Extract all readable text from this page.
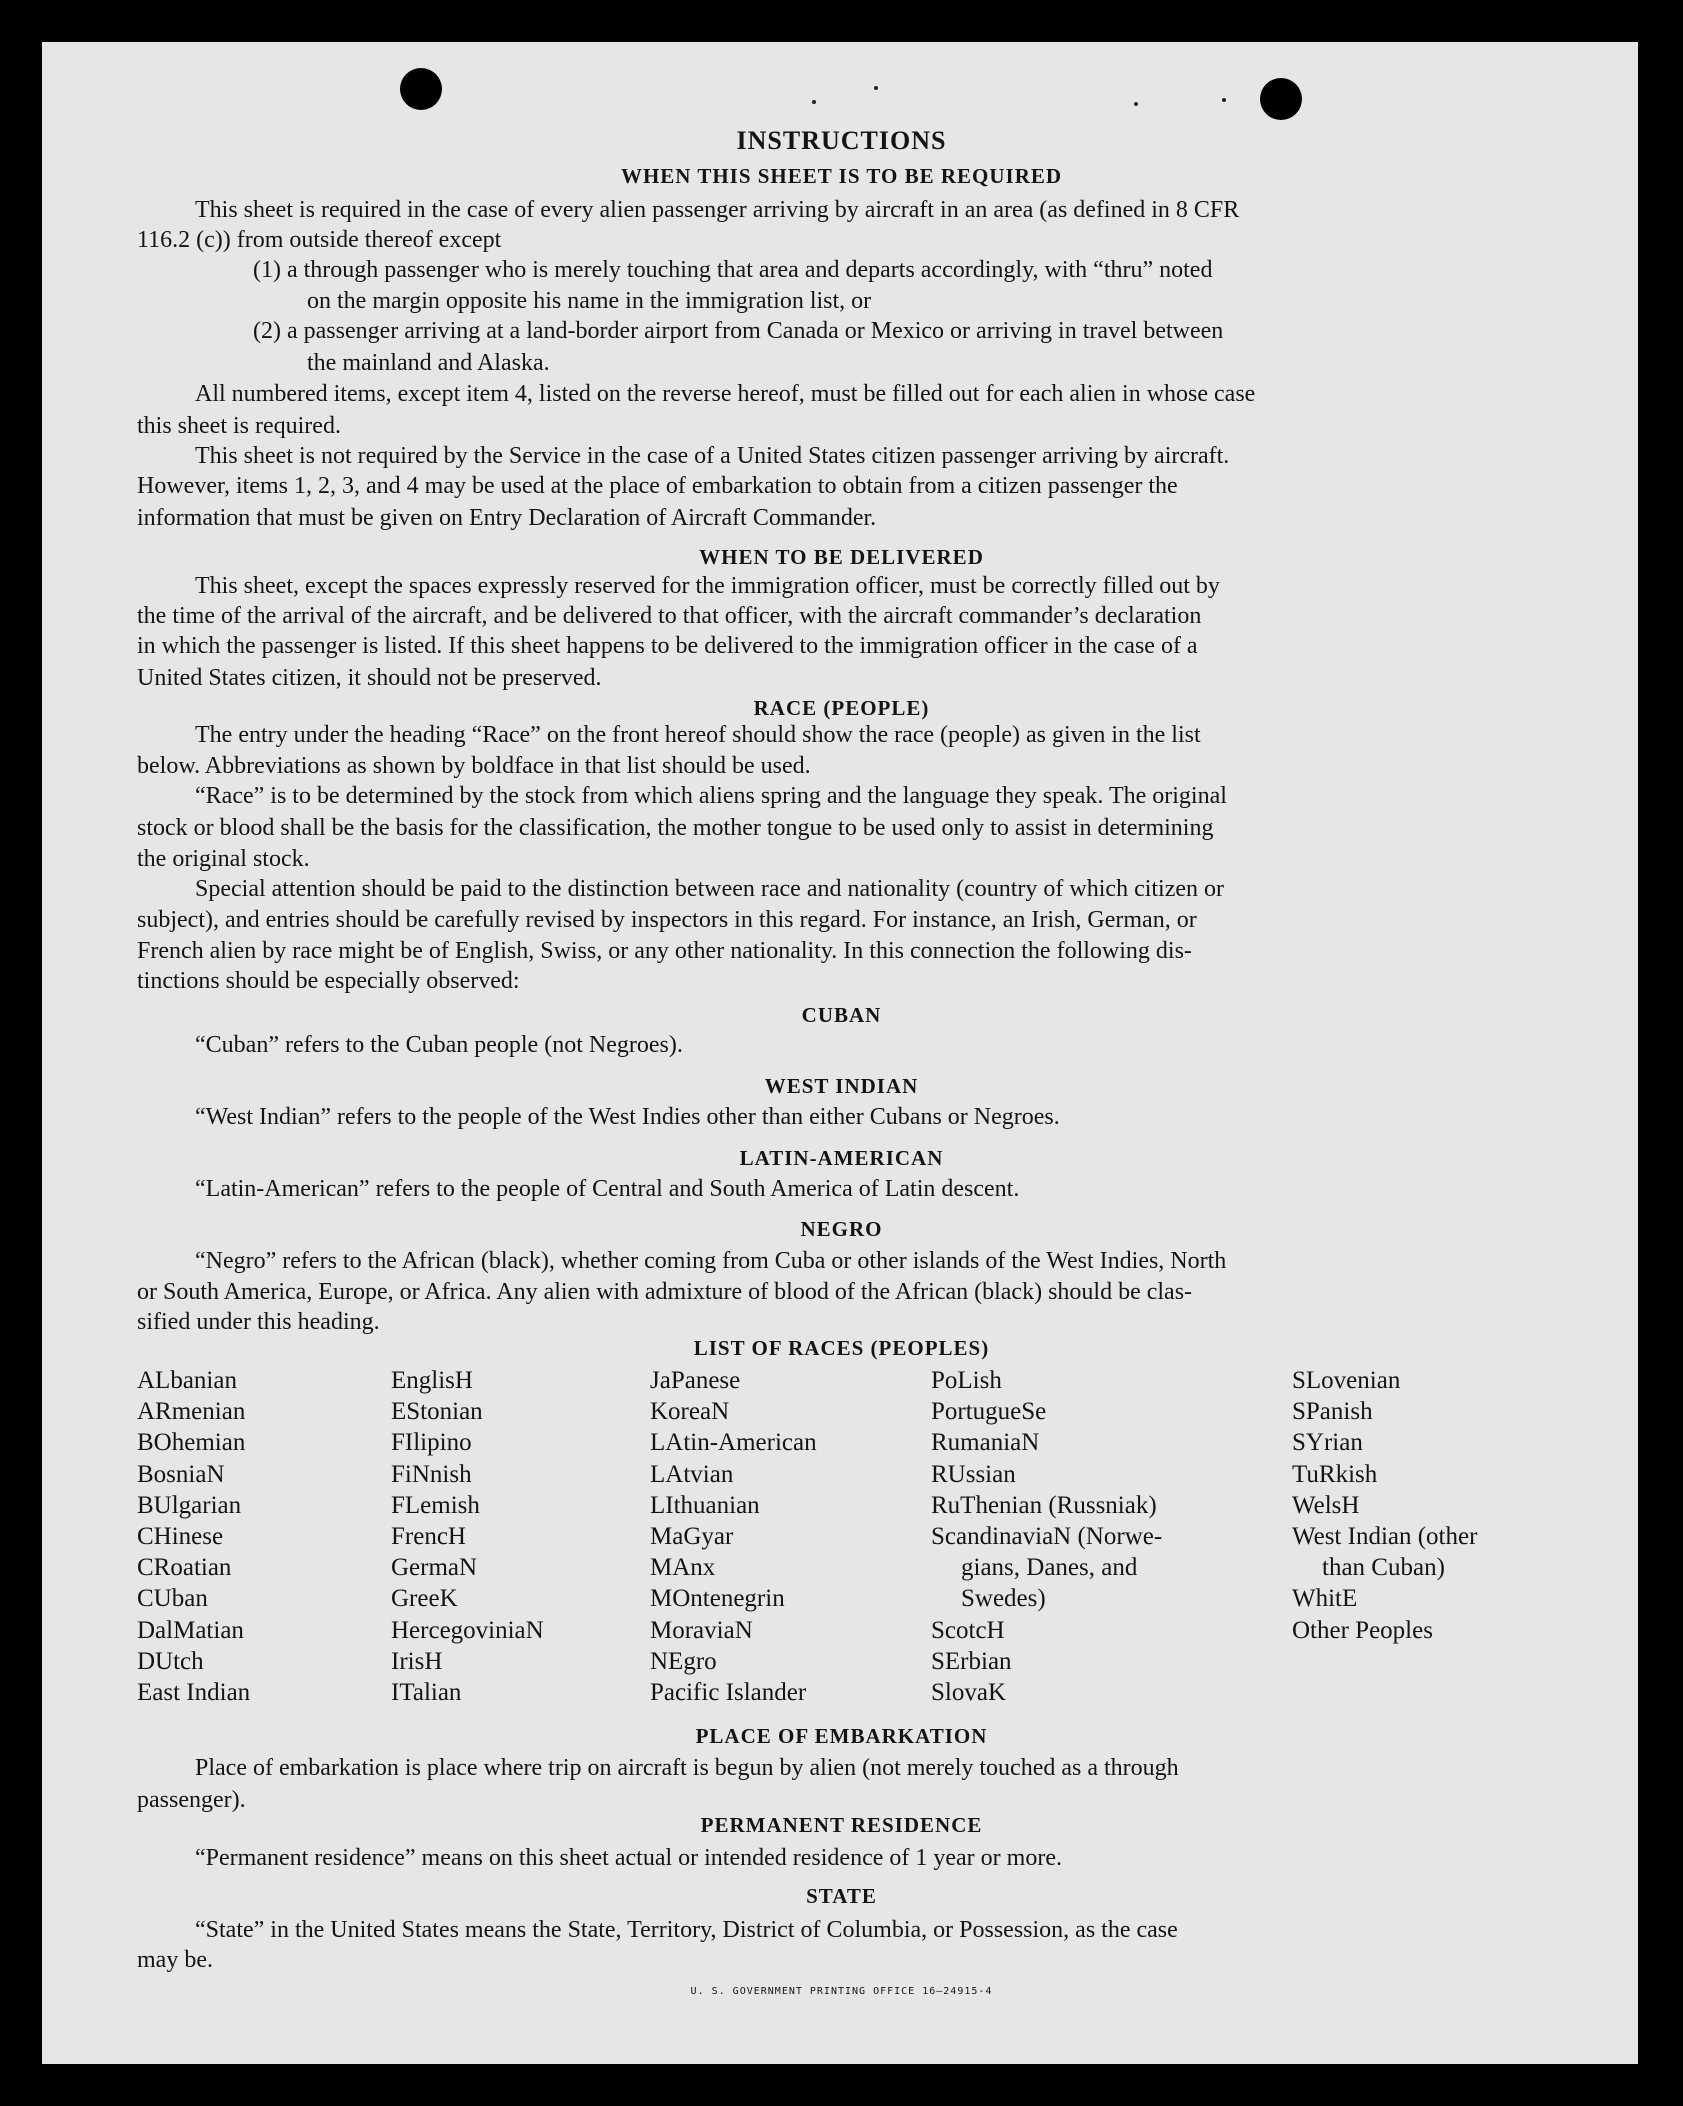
INSTRUCTIONS
WHEN THIS SHEET IS TO BE REQUIRED

This sheet is required in the case of every alien passenger arriving by aircraft in an area (as defined in 8 CFR

116.2 (c)) from outside thereof except

(1) a through passenger who is merely touching that area and departs accordingly, with “thru” noted

on the margin opposite his name in the immigration list, or

(2) a passenger arriving at a land-border airport from Canada or Mexico or arriving in travel between

the mainland and Alaska.

All numbered items, except item 4, listed on the reverse hereof, must be filled out for each alien in whose case

this sheet is required.

This sheet is not required by the Service in the case of a United States citizen passenger arriving by aircraft.

However, items 1, 2, 3, and 4 may be used at the place of embarkation to obtain from a citizen passenger the

information that must be given on Entry Declaration of Aircraft Commander.

WHEN TO BE DELIVERED

This sheet, except the spaces expressly reserved for the immigration officer, must be correctly filled out by

the time of the arrival of the aircraft, and be delivered to that officer, with the aircraft commander’s declaration

in which the passenger is listed. If this sheet happens to be delivered to the immigration officer in the case of a

United States citizen, it should not be preserved.

RACE (PEOPLE)

The entry under the heading “Race” on the front hereof should show the race (people) as given in the list

below. Abbreviations as shown by boldface in that list should be used.

“Race” is to be determined by the stock from which aliens spring and the language they speak. The original

stock or blood shall be the basis for the classification, the mother tongue to be used only to assist in determining

the original stock.

Special attention should be paid to the distinction between race and nationality (country of which citizen or

subject), and entries should be carefully revised by inspectors in this regard. For instance, an Irish, German, or

French alien by race might be of English, Swiss, or any other nationality. In this connection the following dis-

tinctions should be especially observed:

CUBAN

“Cuban” refers to the Cuban people (not Negroes).

WEST INDIAN

“West Indian” refers to the people of the West Indies other than either Cubans or Negroes.

LATIN-AMERICAN

“Latin-American” refers to the people of Central and South America of Latin descent.

NEGRO

“Negro” refers to the African (black), whether coming from Cuba or other islands of the West Indies, North

or South America, Europe, or Africa. Any alien with admixture of blood of the African (black) should be clas-

sified under this heading.

LIST OF RACES (PEOPLES)
ALbanian
ARmenian
BOhemian
BosniaN
BUlgarian
CHinese
CRoatian
CUban
DalMatian
DUtch
East Indian
EnglisH
EStonian
FIlipino
FiNnish
FLemish
FrencH
GermaN
GreeK
HercegoviniaN
IrisH
ITalian
JaPanese
KoreaN
LAtin-American
LAtvian
LIthuanian
MaGyar
MAnx
MOntenegrin
MoraviaN
NEgro
Pacific Islander
PoLish
PortugueSe
RumaniaN
RUssian
RuThenian (Russniak)
ScandinaviaN (Norwe-
gians, Danes, and
Swedes)
ScotcH
SErbian
SlovaK
SLovenian
SPanish
SYrian
TuRkish
WelsH
West Indian (other
than Cuban)
WhitE
Other Peoples
PLACE OF EMBARKATION

Place of embarkation is place where trip on aircraft is begun by alien (not merely touched as a through

passenger).

PERMANENT RESIDENCE

“Permanent residence” means on this sheet actual or intended residence of 1 year or more.

STATE

“State” in the United States means the State, Territory, District of Columbia, or Possession, as the case

may be.

U. S. GOVERNMENT PRINTING OFFICE 16—24915-4
